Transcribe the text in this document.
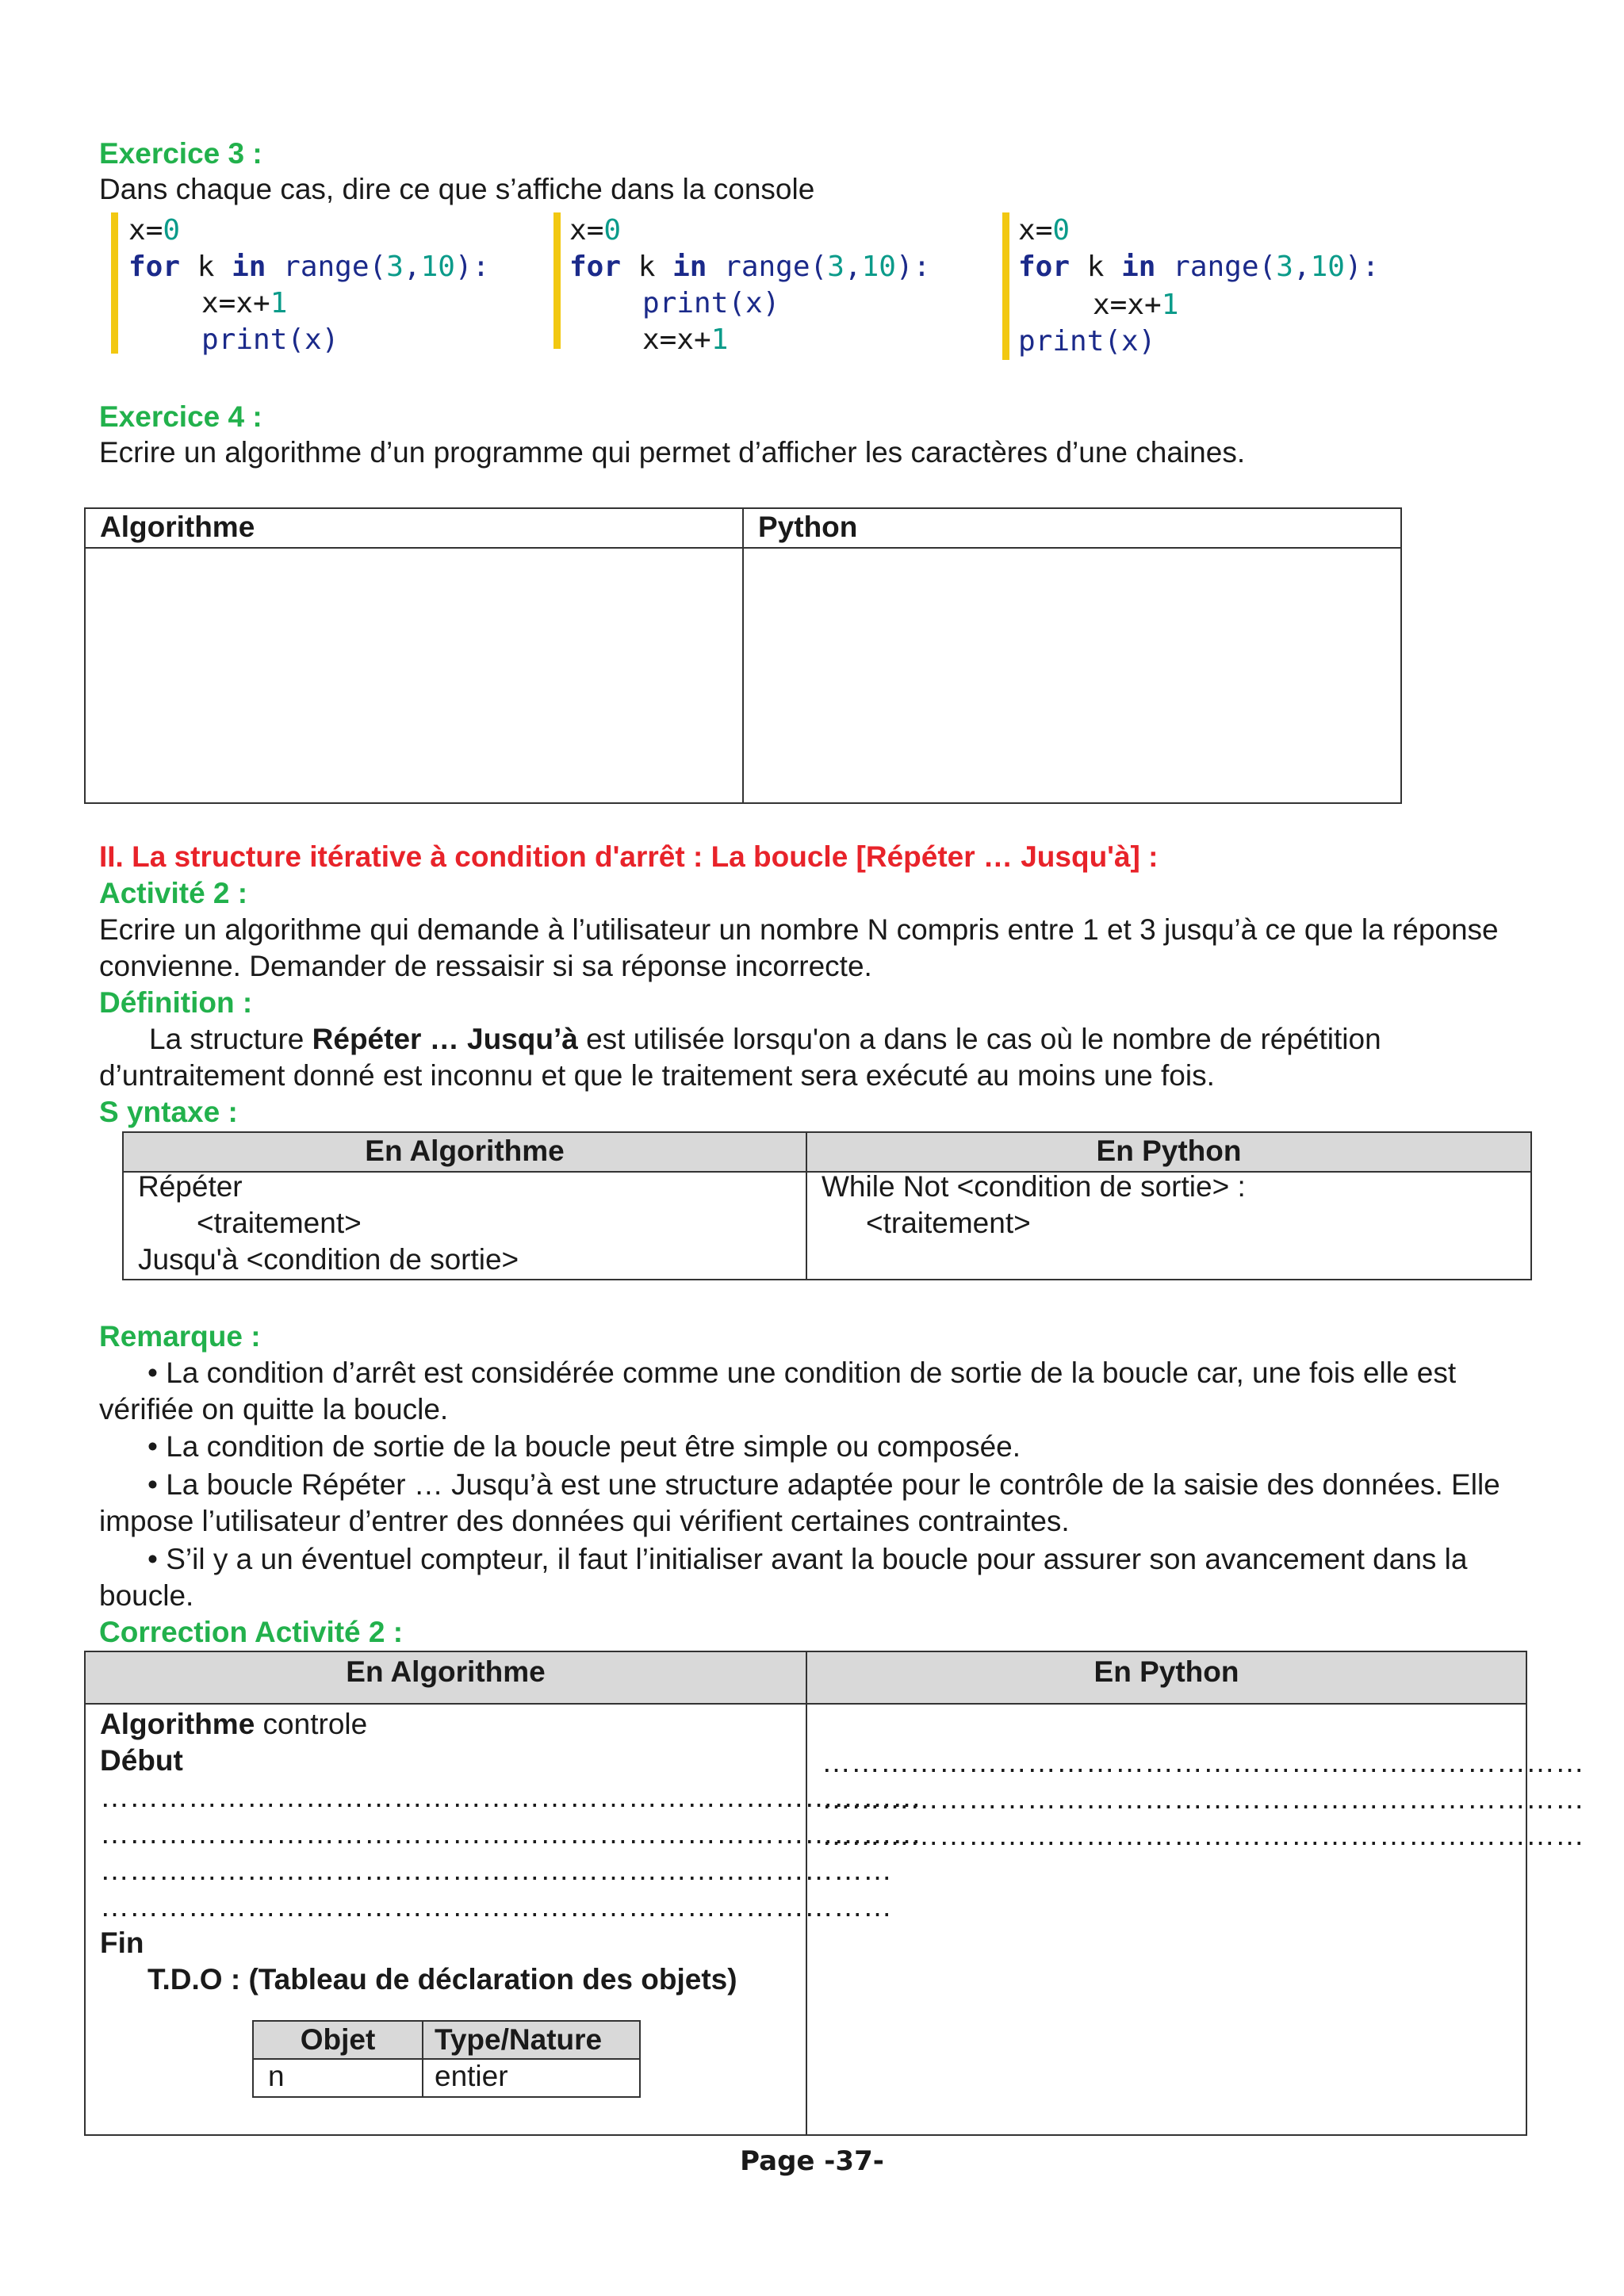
Exercice 3 :
Dans chaque cas, dire ce que s’affiche dans la console
x=0
for k in range(3,10):
x=x+1
print(x)
x=0
for k in range(3,10):
print(x)
x=x+1
x=0
for k in range(3,10):
x=x+1
print(x)
Exercice 4 :
Ecrire un algorithme d’un programme qui permet d’afficher les caractères d’une chaines.
Algorithme	Python
II. La structure itérative à condition d'arrêt : La boucle [Répéter … Jusqu'à] :
Activité 2 :
Ecrire un algorithme qui demande à l’utilisateur un nombre N compris entre 1 et 3 jusqu’à ce que la réponse
convienne. Demander de ressaisir si sa réponse incorrecte.
Définition :
La structure Répéter … Jusqu’à est utilisée lorsqu'on a dans le cas où le nombre de répétition
d’untraitement donné est inconnu et que le traitement sera exécuté au moins une fois.
S yntaxe :
En Algorithme	En Python
Répéter
<traitement>
Jusqu'à <condition de sortie>
While Not <condition de sortie> :
<traitement>
Remarque :
• La condition d’arrêt est considérée comme une condition de sortie de la boucle car, une fois elle est
vérifiée on quitte la boucle.
• La condition de sortie de la boucle peut être simple ou composée.
• La boucle Répéter … Jusqu’à est une structure adaptée pour le contrôle de la saisie des données. Elle
impose l’utilisateur d’entrer des données qui vérifient certaines contraintes.
• S’il y a un éventuel compteur, il faut l’initialiser avant la boucle pour assurer son avancement dans la
boucle.
Correction Activité 2 :
En Algorithme	En Python
Algorithme controle
Début
…………………………………………………………………………
…………………………………………………………………………
………………………………………………………………………
………………………………………………………………………
Fin
T.D.O : (Tableau de déclaration des objets)
Objet	Type/Nature
n	entier
……………………………………………………………………
……………………………………………………………………
……………………………………………………………………
Page -37-
